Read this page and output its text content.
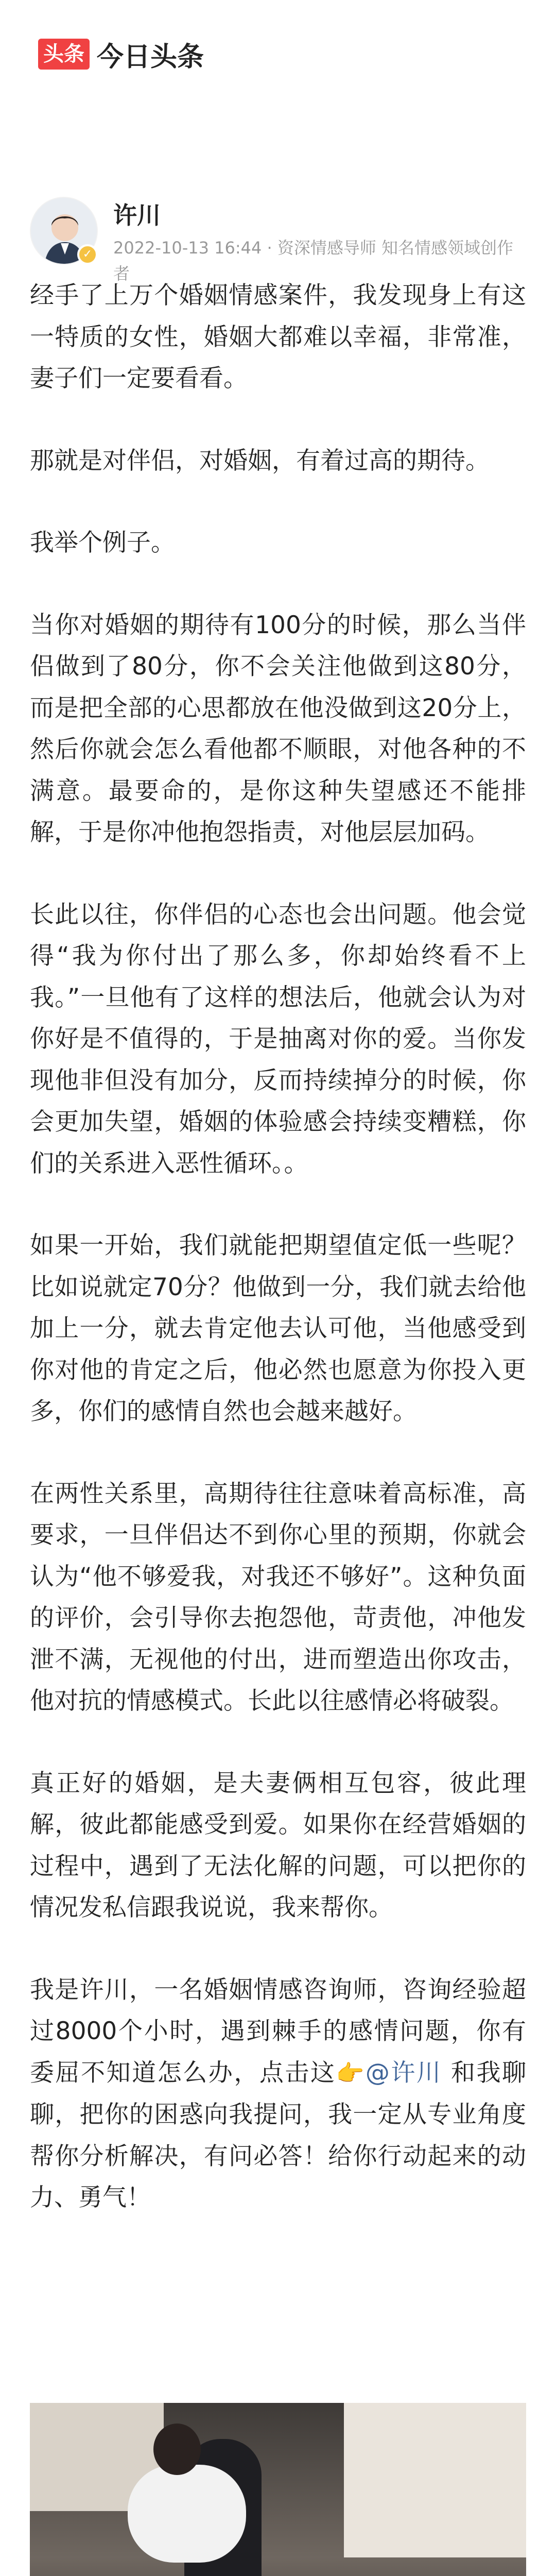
头条 今日头条
✓
许川
2022-10-13 16:44 · 资深情感导师 知名情感领域创作者

经手了上万个婚姻情感案件，我发现身上有这一特质的女性，婚姻大都难以幸福，非常准，妻子们一定要看看。

那就是对伴侣，对婚姻，有着过高的期待。

我举个例子。

当你对婚姻的期待有100分的时候，那么当伴侣做到了80分，你不会关注他做到这80分，而是把全部的心思都放在他没做到这20分上，然后你就会怎么看他都不顺眼，对他各种的不满意。最要命的，是你这种失望感还不能排解，于是你冲他抱怨指责，对他层层加码。

长此以往，你伴侣的心态也会出问题。他会觉得“我为你付出了那么多，你却始终看不上我。”一旦他有了这样的想法后，他就会认为对你好是不值得的，于是抽离对你的爱。当你发现他非但没有加分，反而持续掉分的时候，你会更加失望，婚姻的体验感会持续变糟糕，你们的关系进入恶性循环。。

如果一开始，我们就能把期望值定低一些呢？比如说就定70分？他做到一分，我们就去给他加上一分，就去肯定他去认可他，当他感受到你对他的肯定之后，他必然也愿意为你投入更多，你们的感情自然也会越来越好。

在两性关系里，高期待往往意味着高标准，高要求，一旦伴侣达不到你心里的预期，你就会认为“他不够爱我，对我还不够好”。这种负面的评价，会引导你去抱怨他，苛责他，冲他发泄不满，无视他的付出，进而塑造出你攻击，他对抗的情感模式。长此以往感情必将破裂。

真正好的婚姻，是夫妻俩相互包容，彼此理解，彼此都能感受到爱。如果你在经营婚姻的过程中，遇到了无法化解的问题，可以把你的情况发私信跟我说说，我来帮你。

我是许川，一名婚姻情感咨询师，咨询经验超过8000个小时，遇到棘手的感情问题，你有委屈不知道怎么办，点击这👉@许川 和我聊聊，把你的困惑向我提问，我一定从专业角度帮你分析解决，有问必答！给你行动起来的动力、勇气！
